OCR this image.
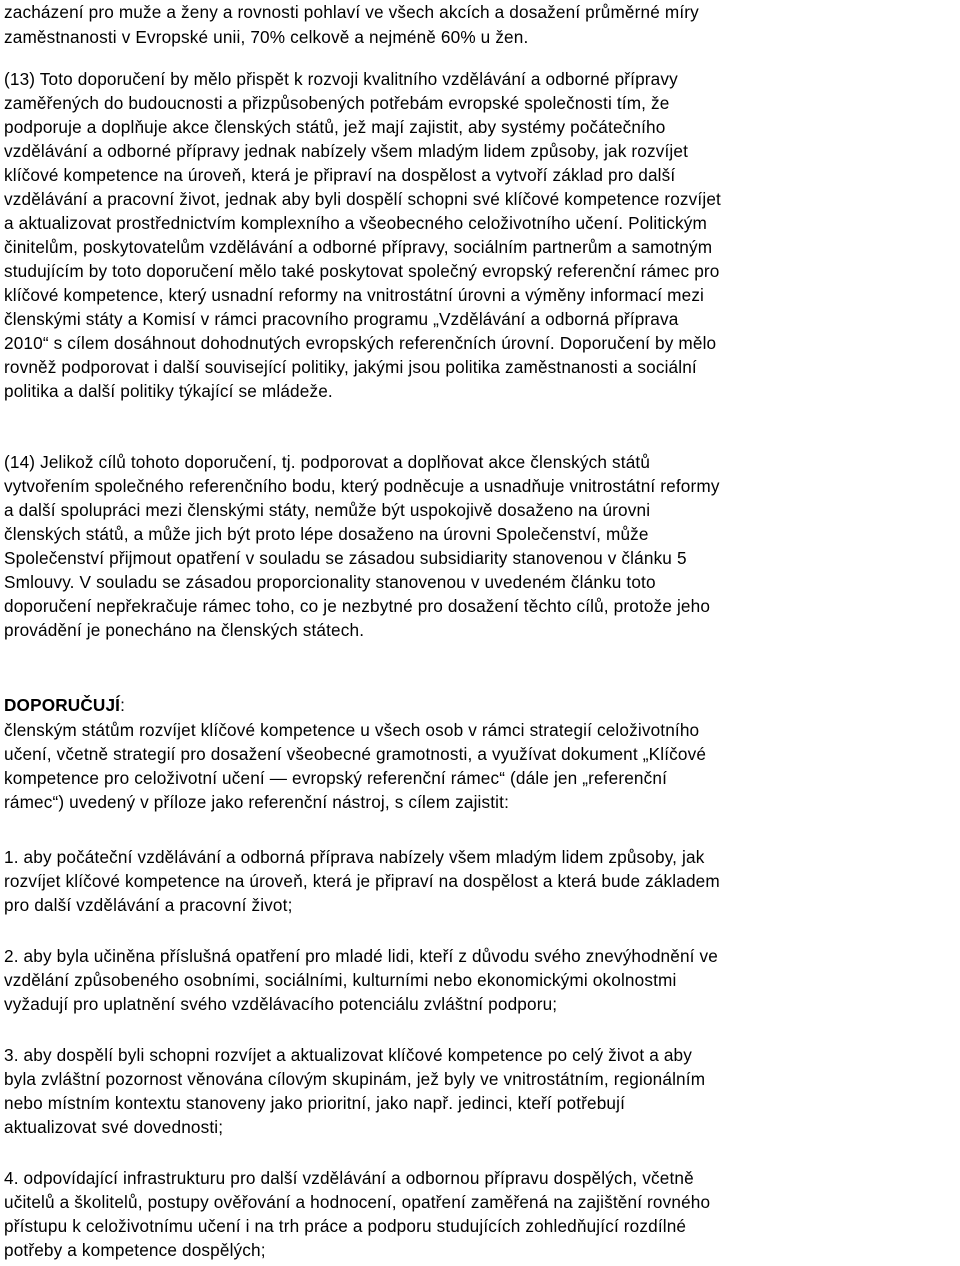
zacházení pro muže a ženy a rovnosti pohlaví ve všech akcích a dosažení průměrné míry
zaměstnanosti v Evropské unii, 70% celkově a nejméně 60% u žen.
(13) Toto doporučení by mělo přispět k rozvoji kvalitního vzdělávání a odborné přípravy
zaměřených do budoucnosti a přizpůsobených potřebám evropské společnosti tím, že
podporuje a doplňuje akce členských států, jež mají zajistit, aby systémy počátečního
vzdělávání a odborné přípravy jednak nabízely všem mladým lidem způsoby, jak rozvíjet
klíčové kompetence na úroveň, která je připraví na dospělost a vytvoří základ pro další
vzdělávání a pracovní život, jednak aby byli dospělí schopni své klíčové kompetence rozvíjet
a aktualizovat prostřednictvím komplexního a všeobecného celoživotního učení. Politickým
činitelům, poskytovatelům vzdělávání a odborné přípravy, sociálním partnerům a samotným
studujícím by toto doporučení mělo také poskytovat společný evropský referenční rámec pro
klíčové kompetence, který usnadní reformy na vnitrostátní úrovni a výměny informací mezi
členskými státy a Komisí v rámci pracovního programu „Vzdělávání a odborná příprava
2010“ s cílem dosáhnout dohodnutých evropských referenčních úrovní. Doporučení by mělo
rovněž podporovat i další související politiky, jakými jsou politika zaměstnanosti a sociální
politika a další politiky týkající se mládeže.
(14) Jelikož cílů tohoto doporučení, tj. podporovat a doplňovat akce členských států
vytvořením společného referenčního bodu, který podněcuje a usnadňuje vnitrostátní reformy
a další spolupráci mezi členskými státy, nemůže být uspokojivě dosaženo na úrovni
členských států, a může jich být proto lépe dosaženo na úrovni Společenství, může
Společenství přijmout opatření v souladu se zásadou subsidiarity stanovenou v článku 5
Smlouvy. V souladu se zásadou proporcionality stanovenou v uvedeném článku toto
doporučení nepřekračuje rámec toho, co je nezbytné pro dosažení těchto cílů, protože jeho
provádění je ponecháno na členských státech.
DOPORUČUJÍ:
členským státům rozvíjet klíčové kompetence u všech osob v rámci strategií celoživotního
učení, včetně strategií pro dosažení všeobecné gramotnosti, a využívat dokument „Klíčové
kompetence pro celoživotní učení — evropský referenční rámec“ (dále jen „referenční
rámec“) uvedený v příloze jako referenční nástroj, s cílem zajistit:
1. aby počáteční vzdělávání a odborná příprava nabízely všem mladým lidem způsoby, jak
rozvíjet klíčové kompetence na úroveň, která je připraví na dospělost a která bude základem
pro další vzdělávání a pracovní život;
2. aby byla učiněna příslušná opatření pro mladé lidi, kteří z důvodu svého znevýhodnění ve
vzdělání způsobeného osobními, sociálními, kulturními nebo ekonomickými okolnostmi
vyžadují pro uplatnění svého vzdělávacího potenciálu zvláštní podporu;
3. aby dospělí byli schopni rozvíjet a aktualizovat klíčové kompetence po celý život a aby
byla zvláštní pozornost věnována cílovým skupinám, jež byly ve vnitrostátním, regionálním
nebo místním kontextu stanoveny jako prioritní, jako např. jedinci, kteří potřebují
aktualizovat své dovednosti;
4. odpovídající infrastrukturu pro další vzdělávání a odbornou přípravu dospělých, včetně
učitelů a školitelů, postupy ověřování a hodnocení, opatření zaměřená na zajištění rovného
přístupu k celoživotnímu učení i na trh práce a podporu studujících zohledňující rozdílné
potřeby a kompetence dospělých;
